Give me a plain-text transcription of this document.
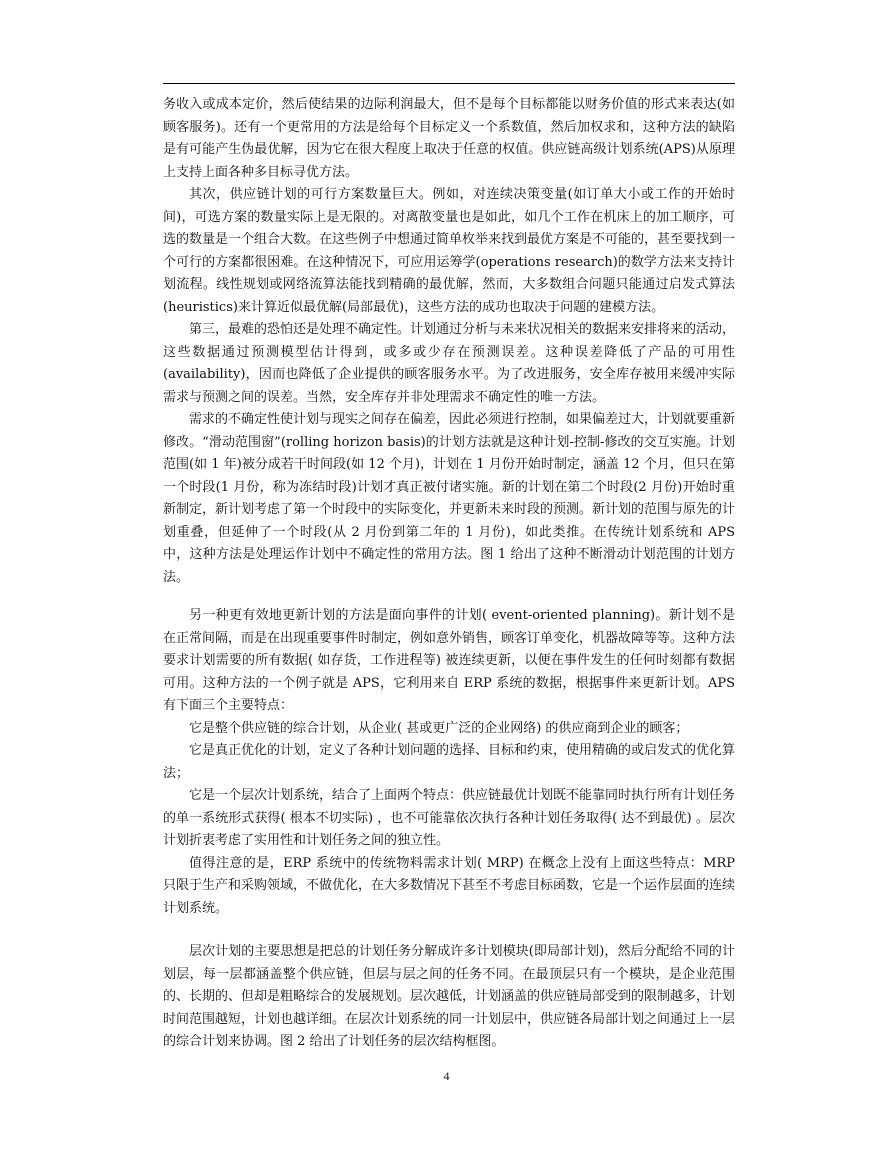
务收入或成本定价，然后使结果的边际利润最大，但不是每个目标都能以财务价值的形式来表达(如顾客服务)。还有一个更常用的方法是给每个目标定义一个系数值，然后加权求和，这种方法的缺陷是有可能产生伪最优解，因为它在很大程度上取决于任意的权值。供应链高级计划系统(APS)从原理上支持上面各种多目标寻优方法。

其次，供应链计划的可行方案数量巨大。例如，对连续决策变量(如订单大小或工作的开始时间)，可选方案的数量实际上是无限的。对离散变量也是如此，如几个工作在机床上的加工顺序，可选的数量是一个组合大数。在这些例子中想通过简单枚举来找到最优方案是不可能的，甚至要找到一个可行的方案都很困难。在这种情况下，可应用运筹学(operations research)的数学方法来支持计划流程。线性规划或网络流算法能找到精确的最优解，然而，大多数组合问题只能通过启发式算法(heuristics)来计算近似最优解(局部最优)，这些方法的成功也取决于问题的建模方法。

第三，最难的恐怕还是处理不确定性。计划通过分析与未来状况相关的数据来安排将来的活动，这些数据通过预测模型估计得到，或多或少存在预测误差。这种误差降低了产品的可用性(availability)，因而也降低了企业提供的顾客服务水平。为了改进服务，安全库存被用来缓冲实际需求与预测之间的误差。当然，安全库存并非处理需求不确定性的唯一方法。

需求的不确定性使计划与现实之间存在偏差，因此必须进行控制，如果偏差过大，计划就要重新修改。“滑动范围窗”(rolling horizon basis)的计划方法就是这种计划-控制-修改的交互实施。计划范围(如 1 年)被分成若干时间段(如 12 个月)，计划在 1 月份开始时制定，涵盖 12 个月，但只在第一个时段(1 月份，称为冻结时段)计划才真正被付诸实施。新的计划在第二个时段(2 月份)开始时重新制定，新计划考虑了第一个时段中的实际变化，并更新未来时段的预测。新计划的范围与原先的计划重叠，但延伸了一个时段(从 2 月份到第二年的 1 月份)，如此类推。在传统计划系统和 APS 中，这种方法是处理运作计划中不确定性的常用方法。图 1 给出了这种不断滑动计划范围的计划方法。

另一种更有效地更新计划的方法是面向事件的计划( event-oriented planning)。新计划不是在正常间隔，而是在出现重要事件时制定，例如意外销售，顾客订单变化，机器故障等等。这种方法要求计划需要的所有数据( 如存货，工作进程等) 被连续更新，以便在事件发生的任何时刻都有数据可用。这种方法的一个例子就是 APS，它利用来自 ERP 系统的数据，根据事件来更新计划。APS 有下面三个主要特点：

它是整个供应链的综合计划，从企业( 甚或更广泛的企业网络) 的供应商到企业的顾客；

它是真正优化的计划，定义了各种计划问题的选择、目标和约束，使用精确的或启发式的优化算法；

它是一个层次计划系统，结合了上面两个特点：供应链最优计划既不能靠同时执行所有计划任务的单一系统形式获得( 根本不切实际) ，也不可能靠依次执行各种计划任务取得( 达不到最优) 。层次计划折衷考虑了实用性和计划任务之间的独立性。

值得注意的是，ERP 系统中的传统物料需求计划( MRP) 在概念上没有上面这些特点：MRP 只限于生产和采购领域，不做优化，在大多数情况下甚至不考虑目标函数，它是一个运作层面的连续计划系统。

层次计划的主要思想是把总的计划任务分解成许多计划模块(即局部计划)，然后分配给不同的计划层，每一层都涵盖整个供应链，但层与层之间的任务不同。在最顶层只有一个模块，是企业范围的、长期的、但却是粗略综合的发展规划。层次越低，计划涵盖的供应链局部受到的限制越多，计划时间范围越短，计划也越详细。在层次计划系统的同一计划层中，供应链各局部计划之间通过上一层的综合计划来协调。图 2 给出了计划任务的层次结构框图。

4
